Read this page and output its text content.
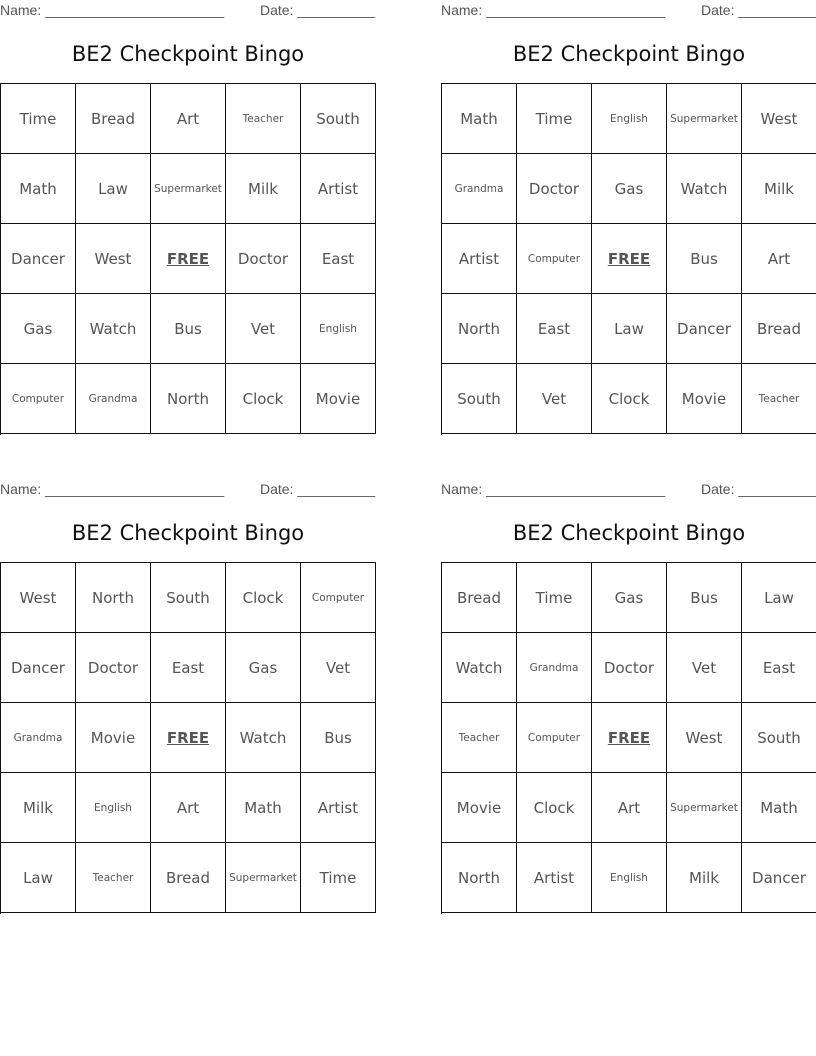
Name: _______________________	Date: __________
BE2 Checkpoint Bingo
Time	Bread	Art	Teacher	South
Math	Law	Supermarket	Milk	Artist
Dancer	West	FREE	Doctor	East
Gas	Watch	Bus	Vet	English
Computer	Grandma	North	Clock	Movie
Name: _______________________	Date: __________
BE2 Checkpoint Bingo
Math	Time	English	Supermarket	West
Grandma	Doctor	Gas	Watch	Milk
Artist	Computer	FREE	Bus	Art
North	East	Law	Dancer	Bread
South	Vet	Clock	Movie	Teacher
Name: _______________________	Date: __________
BE2 Checkpoint Bingo
West	North	South	Clock	Computer
Dancer	Doctor	East	Gas	Vet
Grandma	Movie	FREE	Watch	Bus
Milk	English	Art	Math	Artist
Law	Teacher	Bread	Supermarket	Time
Name: _______________________	Date: __________
BE2 Checkpoint Bingo
Bread	Time	Gas	Bus	Law
Watch	Grandma	Doctor	Vet	East
Teacher	Computer	FREE	West	South
Movie	Clock	Art	Supermarket	Math
North	Artist	English	Milk	Dancer
